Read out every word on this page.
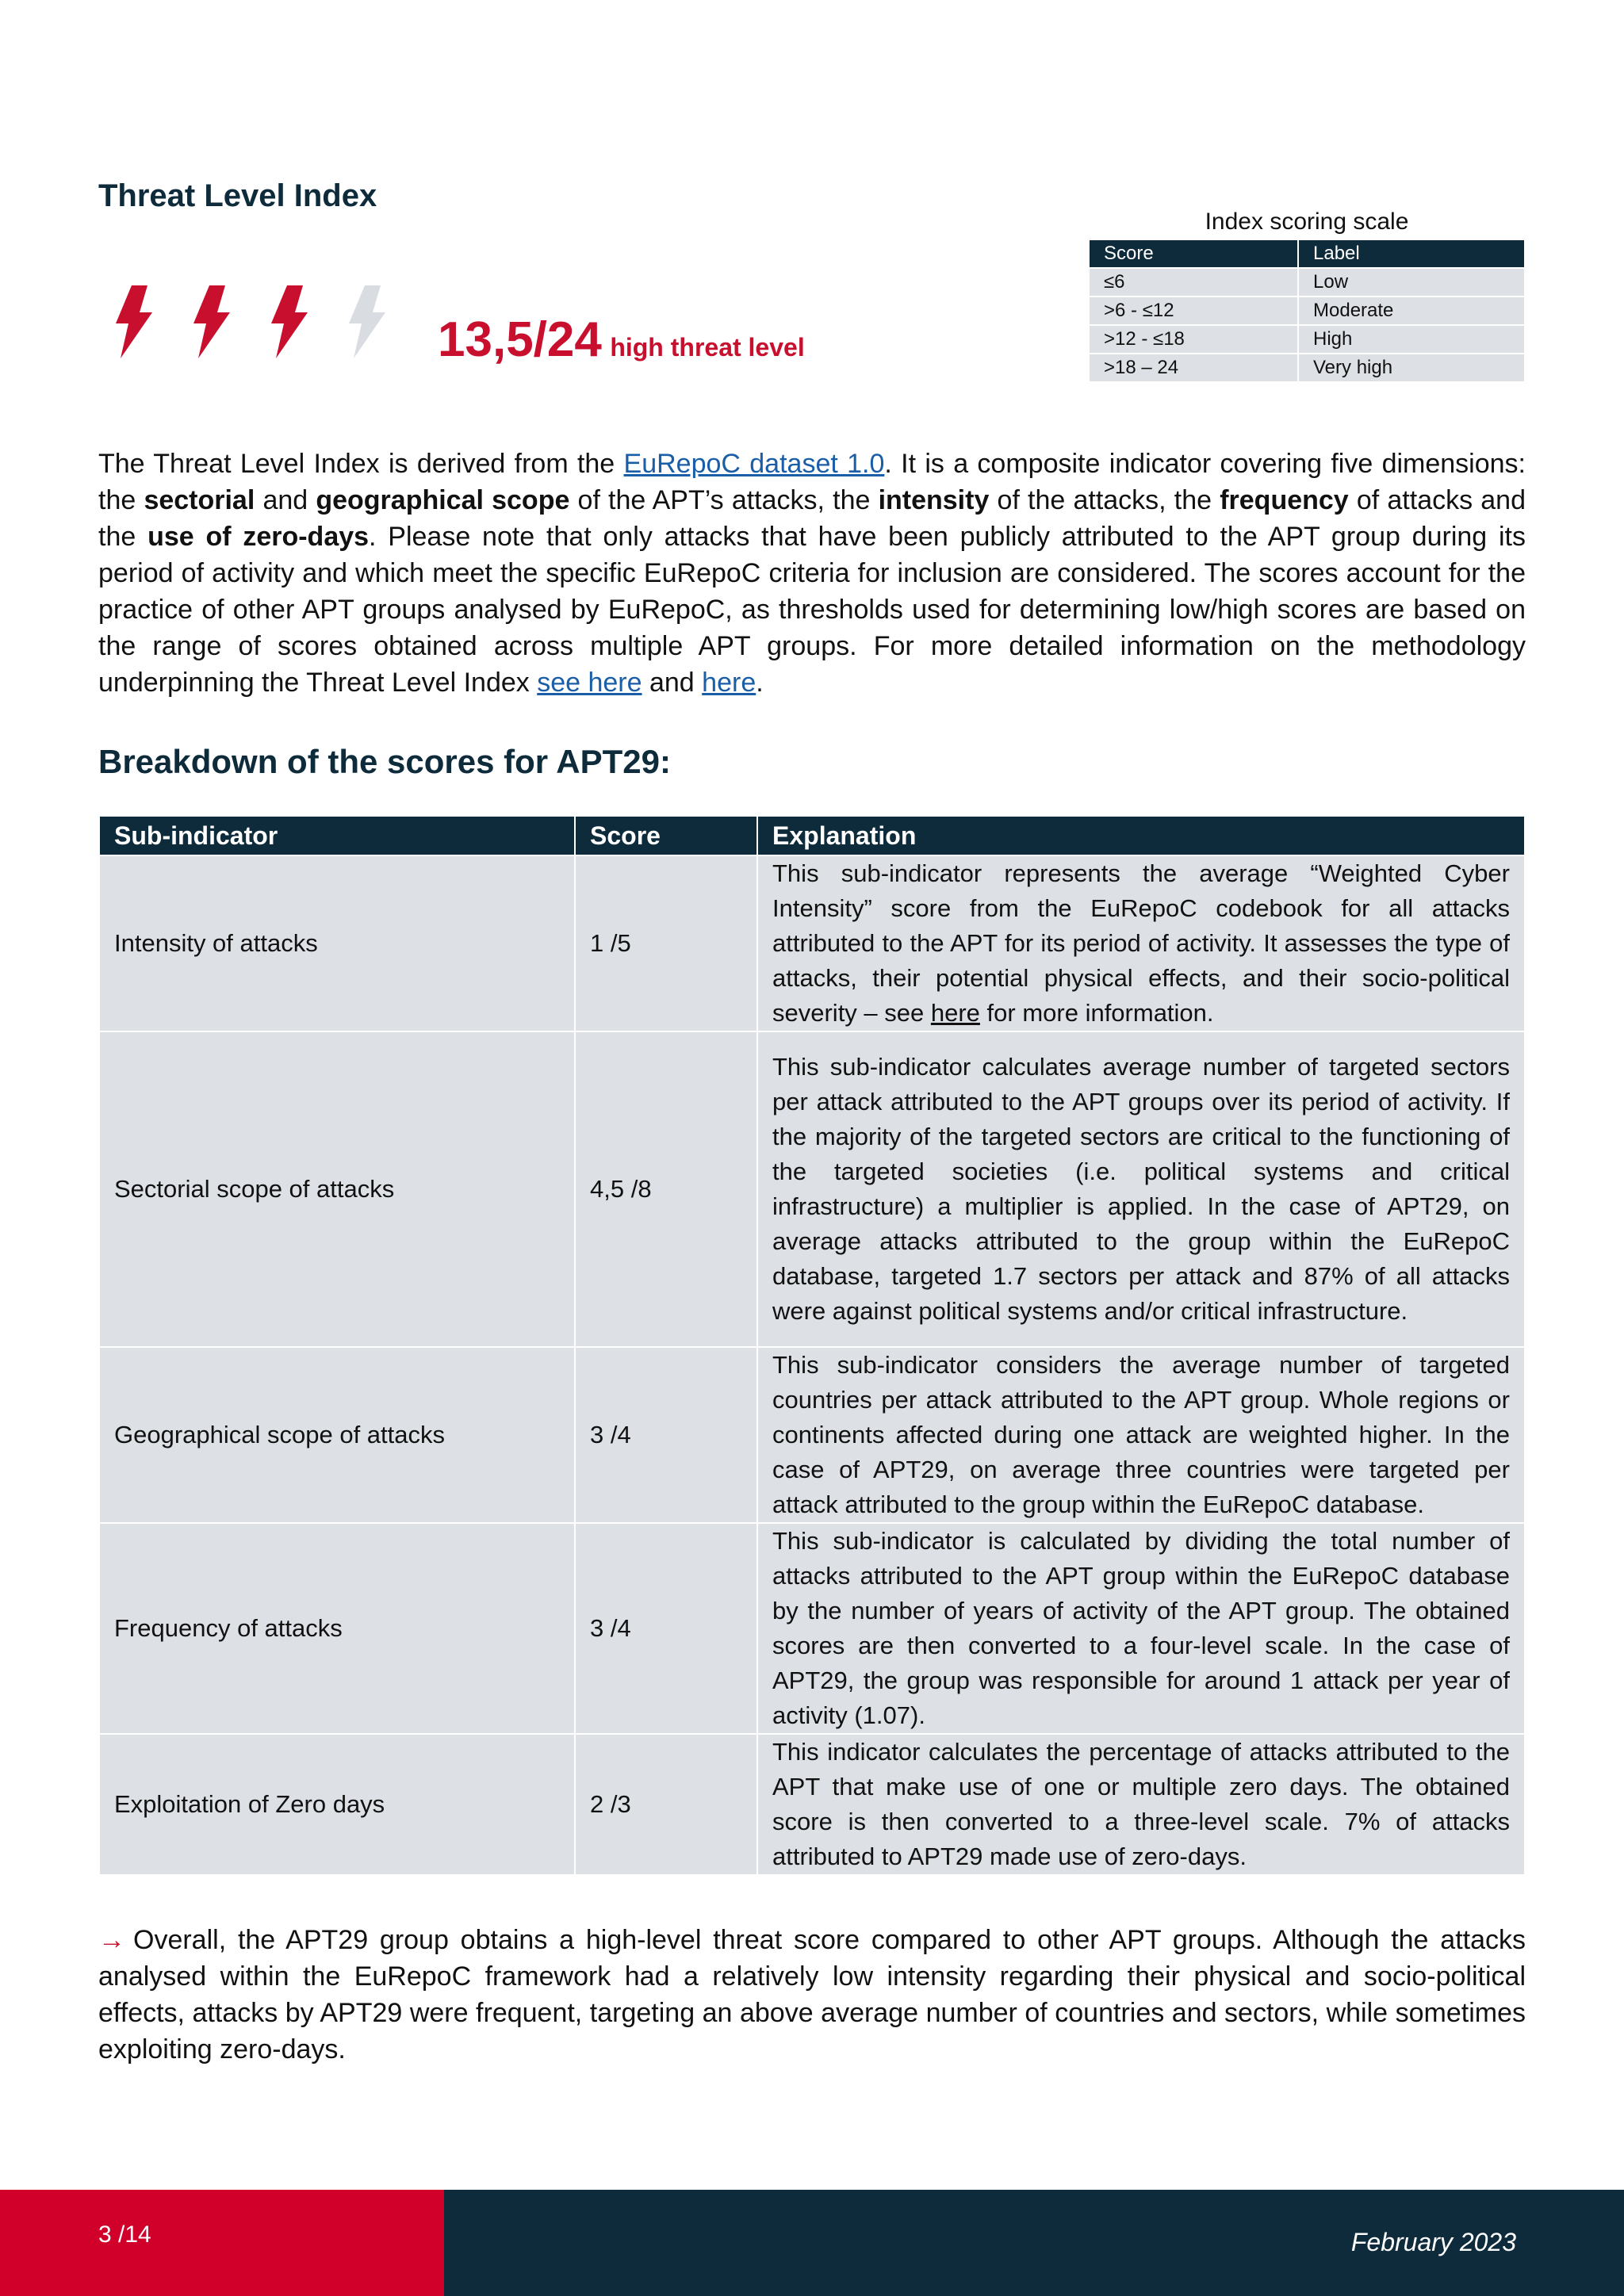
Threat Level Index
13,5/24 high threat level
Index scoring scale
Score	Label
≤6	Low
>6 - ≤12	Moderate
>12 - ≤18	High
>18 – 24	Very high

The Threat Level Index is derived from the EuRepoC dataset 1.0. It is a composite indicator covering five dimensions: the sectorial and geographical scope of the APT’s attacks, the intensity of the attacks, the frequency of attacks and the use of zero-days. Please note that only attacks that have been publicly attributed to the APT group during its period of activity and which meet the specific EuRepoC criteria for inclusion are considered. The scores account for the practice of other APT groups analysed by EuRepoC, as thresholds used for determining low/high scores are based on the range of scores obtained across multiple APT groups. For more detailed information on the methodology underpinning the Threat Level Index see here and here.

Breakdown of the scores for APT29:
Sub-indicator	Score	Explanation
Intensity of attacks	1 /5	This sub-indicator represents the average “Weighted Cyber Intensity” score from the EuRepoC codebook for all attacks attributed to the APT for its period of activity. It assesses the type of attacks, their potential physical effects, and their socio-political severity – see here for more information.
Sectorial scope of attacks	4,5 /8	This sub-indicator calculates average number of targeted sectors per attack attributed to the APT groups over its period of activity. If the majority of the targeted sectors are critical to the functioning of the targeted societies (i.e. political systems and critical infrastructure) a multiplier is applied. In the case of APT29, on average attacks attributed to the group within the EuRepoC database, targeted 1.7 sectors per attack and 87% of all attacks were against political systems and/or critical infrastructure.
Geographical scope of attacks	3 /4	This sub-indicator considers the average number of targeted countries per attack attributed to the APT group. Whole regions or continents affected during one attack are weighted higher. In the case of APT29, on average three countries were targeted per attack attributed to the group within the EuRepoC database.
Frequency of attacks	3 /4	This sub-indicator is calculated by dividing the total number of attacks attributed to the APT group within the EuRepoC database by the number of years of activity of the APT group. The obtained scores are then converted to a four-level scale. In the case of APT29, the group was responsible for around 1 attack per year of activity (1.07).
Exploitation of Zero days	2 /3	This indicator calculates the percentage of attacks attributed to the APT that make use of one or multiple zero days. The obtained score is then converted to a three-level scale. 7% of attacks attributed to APT29 made use of zero-days.

→ Overall, the APT29 group obtains a high-level threat score compared to other APT groups. Although the attacks analysed within the EuRepoC framework had a relatively low intensity regarding their physical and socio-political effects, attacks by APT29 were frequent, targeting an above average number of countries and sectors, while sometimes exploiting zero-days.

3 /14	February 2023
